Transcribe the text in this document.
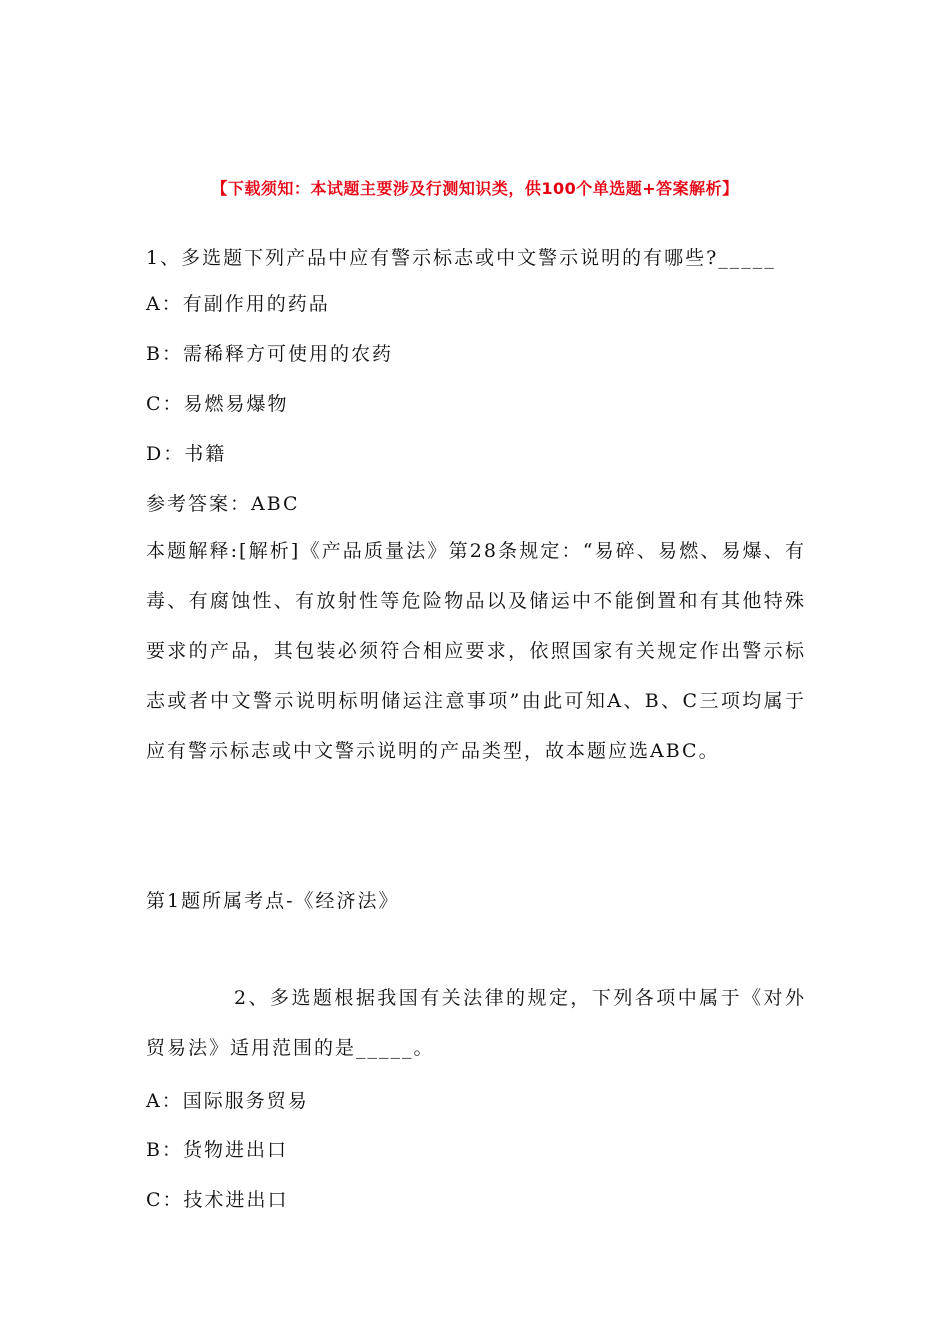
【下载须知：本试题主要涉及行测知识类，供100个单选题+答案解析】
1、多选题下列产品中应有警示标志或中文警示说明的有哪些?_____
A：有副作用的药品
B：需稀释方可使用的农药
C：易燃易爆物
D：书籍
参考答案：ABC
本题解释:[解析]《产品质量法》第28条规定：“易碎、易燃、易爆、有毒、有腐蚀性、有放射性等危险物品以及储运中不能倒置和有其他特殊要求的产品，其包装必须符合相应要求，依照国家有关规定作出警示标志或者中文警示说明标明储运注意事项”由此可知A、B、C三项均属于应有警示标志或中文警示说明的产品类型，故本题应选ABC。
第1题所属考点-《经济法》
2、多选题根据我国有关法律的规定，下列各项中属于《对外贸易法》适用范围的是_____。
A：国际服务贸易
B：货物进出口
C：技术进出口
